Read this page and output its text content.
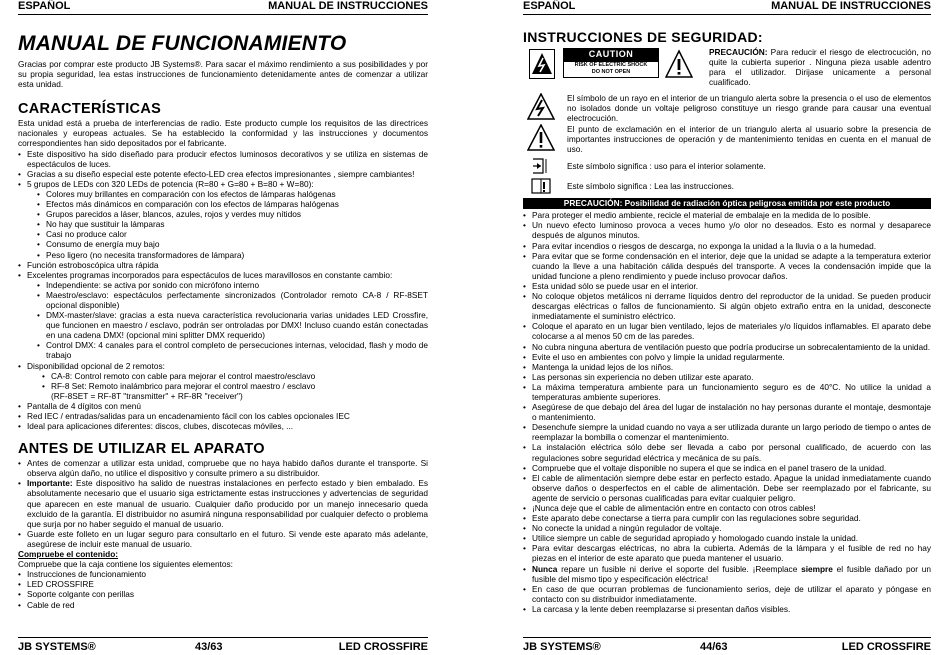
ESPAÑOL	MANUAL DE INSTRUCCIONES
MANUAL DE FUNCIONAMIENTO

Gracias por comprar este producto JB Systems®. Para sacar el máximo rendimiento a sus posibilidades y por su propia seguridad, lea estas instrucciones de funcionamiento detenidamente antes de comenzar a utilizar esta unidad.

CARACTERÍSTICAS

Esta unidad está a prueba de interferencias de radio. Este producto cumple los requisitos de las directrices nacionales y europeas actuales. Se ha establecido la conformidad y las instrucciones y documentos correspondientes han sido depositados por el fabricante.

• Este dispositivo ha sido diseñado para producir efectos luminosos decorativos y se utiliza en sistemas de espectáculos de luces.
• Gracias a su diseño especial este potente efecto-LED crea efectos impresionantes , siempre cambiantes!
• 5 grupos de LEDs con 320 LEDs de potencia (R=80 + G=80 + B=80 + W=80):
• Colores muy brillantes en comparación con los efectos de lámparas halógenas
• Efectos más dinámicos en comparación con los efectos de lámparas halógenas
• Grupos parecidos a láser, blancos, azules, rojos y verdes muy nítidos
• No hay que sustituir la lámparas
• Casi no produce calor
• Consumo de energía muy bajo
• Peso ligero (no necesita transformadores de lámpara)
• Función estroboscópica ultra rápida
• Excelentes programas incorporados para espectáculos de luces maravillosos en constante cambio:
• Independiente: se activa por sonido con micrófono interno
• Maestro/esclavo: espectáculos perfectamente sincronizados (Controlador remoto CA-8 / RF-8SET opcional disponible)
• DMX-master/slave: gracias a esta nueva característica revolucionaria varias unidades LED Crossfire, que funcionen en maestro / esclavo, podrán ser ontroladas por DMX! Incluso cuando están conectadas en una cadena DMX! (opcional mini splitter DMX requerido)
• Control DMX: 4 canales para el control completo de persecuciones internas, velocidad, flash y modo de trabajo
• Disponibilidad opcional de 2 remotos:
• CA-8: Control remoto con cable para mejorar el control maestro/esclavo
• RF-8 Set: Remoto inalámbrico para mejorar el control maestro / esclavo

(RF-8SET = RF-8T "transmitter" + RF-8R "receiver")

• Pantalla de 4 dígitos con menú
• Red IEC / entradas/salidas para un encadenamiento fácil con los cables opcionales IEC
• Ideal para aplicaciones diferentes: discos, clubes, discotecas móviles, ...
ANTES DE UTILIZAR EL APARATO
• Antes de comenzar a utilizar esta unidad, compruebe que no haya habido daños durante el transporte. Si observa algún daño, no utilice el dispositivo y consulte primero a su distribuidor.
• Importante: Este dispositivo ha salido de nuestras instalaciones en perfecto estado y bien embalado. Es absolutamente necesario que el usuario siga estrictamente estas instrucciones y advertencias de seguridad que aparecen en este manual de usuario. Cualquier daño producido por un manejo innecesario queda excluido de la garantía. El distribuidor no asumirá ninguna responsabilidad por cualquier defecto o problema que surja por no haber seguido el manual de usuario.
• Guarde este folleto en un lugar seguro para consultarlo en el futuro. Si vende este aparato más adelante, asegúrese de incluir este manual de usuario.

Compruebe el contenido:

Compruebe que la caja contiene los siguientes elementos:

• Instrucciones de funcionamiento
• LED CROSSFIRE
• Soporte colgante con perillas
• Cable de red
JB SYSTEMS®	43/63	LED CROSSFIRE
ESPAÑOL	MANUAL DE INSTRUCCIONES
INSTRUCCIONES DE SEGURIDAD:
CAUTION
RISK OF ELECTRIC SHOCK
DO NOT OPEN

PRECAUCIÓN: Para reducir el riesgo de electrocución, no quite la cubierta superior . Ninguna pieza usable adentro para el utilizador. Dirijase unicamente a personal cualificado.

El símbolo de un rayo en el interior de un triangulo alerta sobre la presencia o el uso de elementos no isolados donde un voltaje peligroso constituye un riesgo grande para causar una eventual electrocución.

El punto de exclamación en el interior de un triangulo alerta al usuario sobre la presencia de importantes instrucciones de operación y de mantenimiento tenidas en cuenta en el manual de uso.

Este símbolo significa : uso para el interior solamente.

Este símbolo significa : Lea las instrucciones.

PRECAUCIÓN: Posibilidad de radiación óptica peligrosa emitida por este producto
• Para proteger el medio ambiente, recicle el material de embalaje en la medida de lo posible.
• Un nuevo efecto luminoso provoca a veces humo y/o olor no deseados. Esto es normal y desaparece después de algunos minutos.
• Para evitar incendios o riesgos de descarga, no exponga la unidad a la lluvia o a la humedad.
• Para evitar que se forme condensación en el interior, deje que la unidad se adapte a la temperatura exterior cuando la lleve a una habitación cálida después del transporte. A veces la condensación impide que la unidad funcione a pleno rendimiento y puede incluso provocar daños.
• Esta unidad sólo se puede usar en el interior.
• No coloque objetos metálicos ni derrame líquidos dentro del reproductor de la unidad. Se pueden producir descargas eléctricas o fallos de funcionamiento. Si algún objeto extraño entra en la unidad, desconecte inmediatamente el suministro eléctrico.
• Coloque el aparato en un lugar bien ventilado, lejos de materiales y/o líquidos inflamables. El aparato debe colocarse a al menos 50 cm de las paredes.
• No cubra ninguna abertura de ventilación puesto que podría producirse un sobrecalentamiento de la unidad.
• Evite el uso en ambientes con polvo y limpie la unidad regularmente.
• Mantenga la unidad lejos de los niños.
• Las personas sin experiencia no deben utilizar este aparato.
• La máxima temperatura ambiente para un funcionamiento seguro es de 40°C. No utilice la unidad a temperaturas ambiente superiores.
• Asegúrese de que debajo del área del lugar de instalación no hay personas durante el montaje, desmontaje o mantenimiento.
• Desenchufe siempre la unidad cuando no vaya a ser utilizada durante un largo periodo de tiempo o antes de reemplazar la bombilla o comenzar el mantenimiento.
• La instalación eléctrica sólo debe ser llevada a cabo por personal cualificado, de acuerdo con las regulaciones sobre seguridad eléctrica y mecánica de su país.
• Compruebe que el voltaje disponible no supera el que se indica en el panel trasero de la unidad.
• El cable de alimentación siempre debe estar en perfecto estado. Apague la unidad inmediatamente cuando observe daños o desperfectos en el cable de alimentación. Debe ser reemplazado por el fabricante, su agente de servicio o personas cualificadas para evitar cualquier peligro.
• ¡Nunca deje que el cable de alimentación entre en contacto con otros cables!
• Este aparato debe conectarse a tierra para cumplir con las regulaciones sobre seguridad.
• No conecte la unidad a ningún regulador de voltaje.
• Utilice siempre un cable de seguridad apropiado y homologado cuando instale la unidad.
• Para evitar descargas eléctricas, no abra la cubierta. Además de la lámpara y el fusible de red no hay piezas en el interior de este aparato que pueda mantener el usuario.
• Nunca repare un fusible ni derive el soporte del fusible. ¡Reemplace siempre el fusible dañado por un fusible del mismo tipo y especificación eléctrica!
• En caso de que ocurran problemas de funcionamiento serios, deje de utilizar el aparato y póngase en contacto con su distribuidor inmediatamente.
• La carcasa y la lente deben reemplazarse si presentan daños visibles.
JB SYSTEMS®	44/63	LED CROSSFIRE
